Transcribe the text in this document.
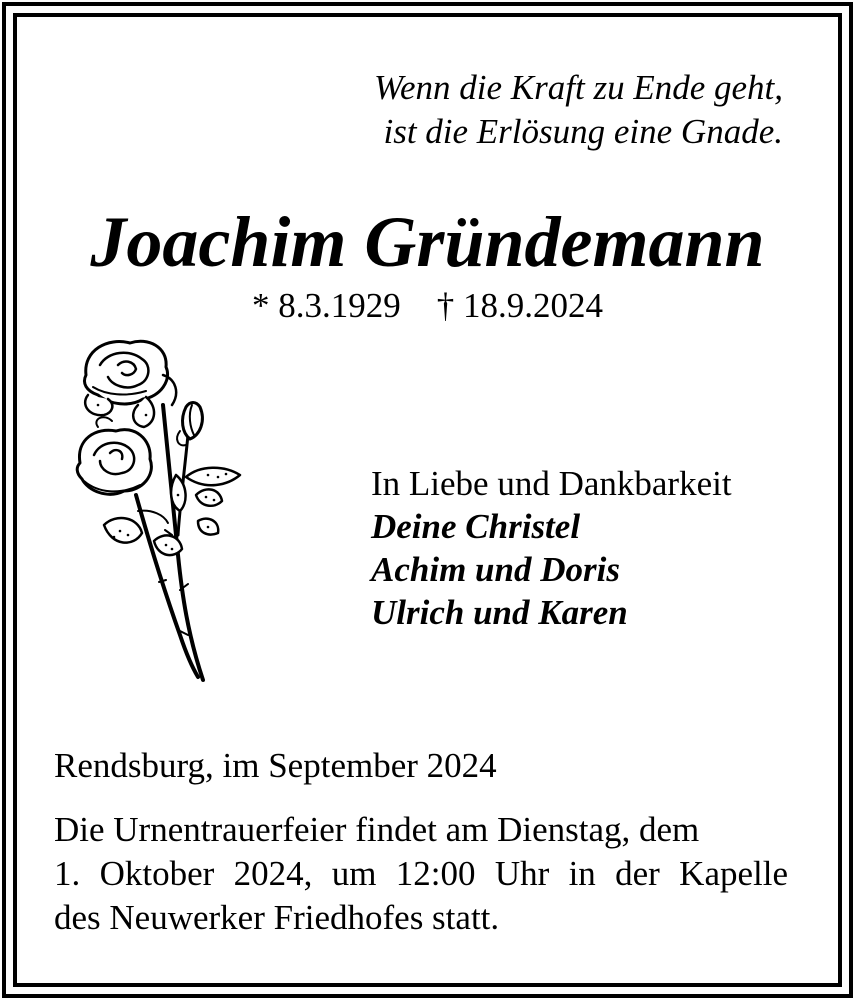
Wenn die Kraft zu Ende geht,
ist die Erlösung eine Gnade.
Joachim Gründemann
* 8.3.1929 † 18.9.2024
In Liebe und Dankbarkeit
Deine Christel
Achim und Doris
Ulrich und Karen
Rendsburg, im September 2024
Die Urnentrauerfeier findet am Dienstag, dem
1. Oktober 2024, um 12:00 Uhr in der Kapelle
des Neuwerker Friedhofes statt.
